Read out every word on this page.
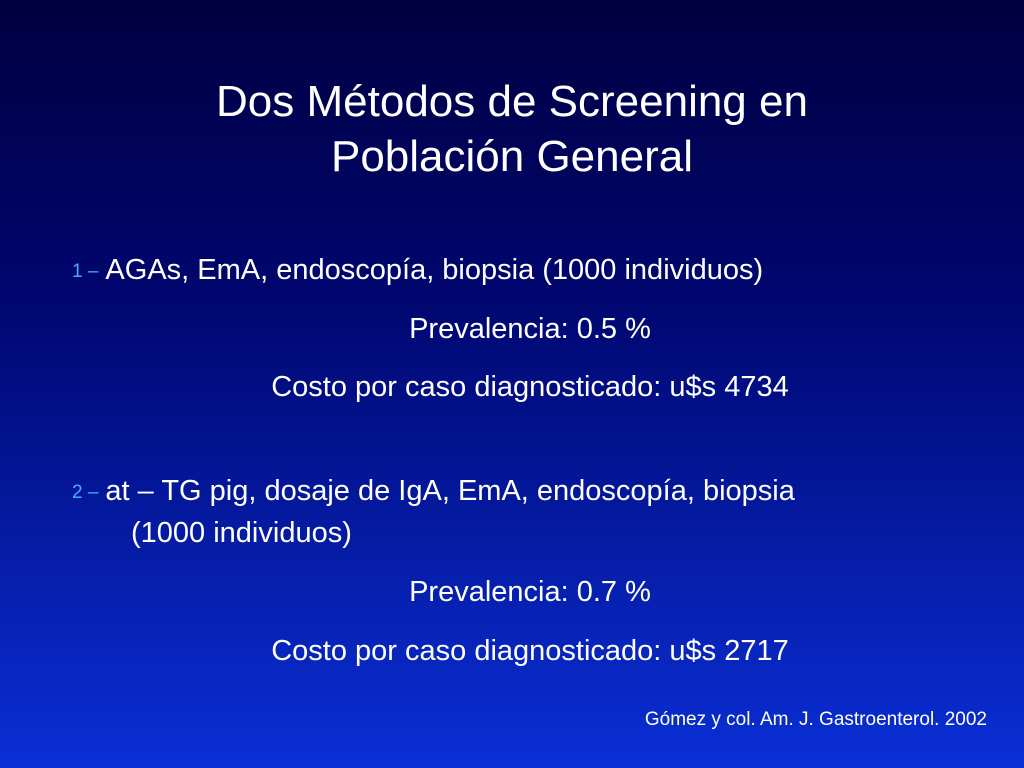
Dos Métodos de Screening en
Población General
1 – AGAs, EmA, endoscopía, biopsia (1000 individuos)
Prevalencia: 0.5 %
Costo por caso diagnosticado: u$s 4734
2 – at – TG pig, dosaje de IgA, EmA, endoscopía, biopsia
(1000 individuos)
Prevalencia: 0.7 %
Costo por caso diagnosticado: u$s 2717
Gómez y col. Am. J. Gastroenterol. 2002
